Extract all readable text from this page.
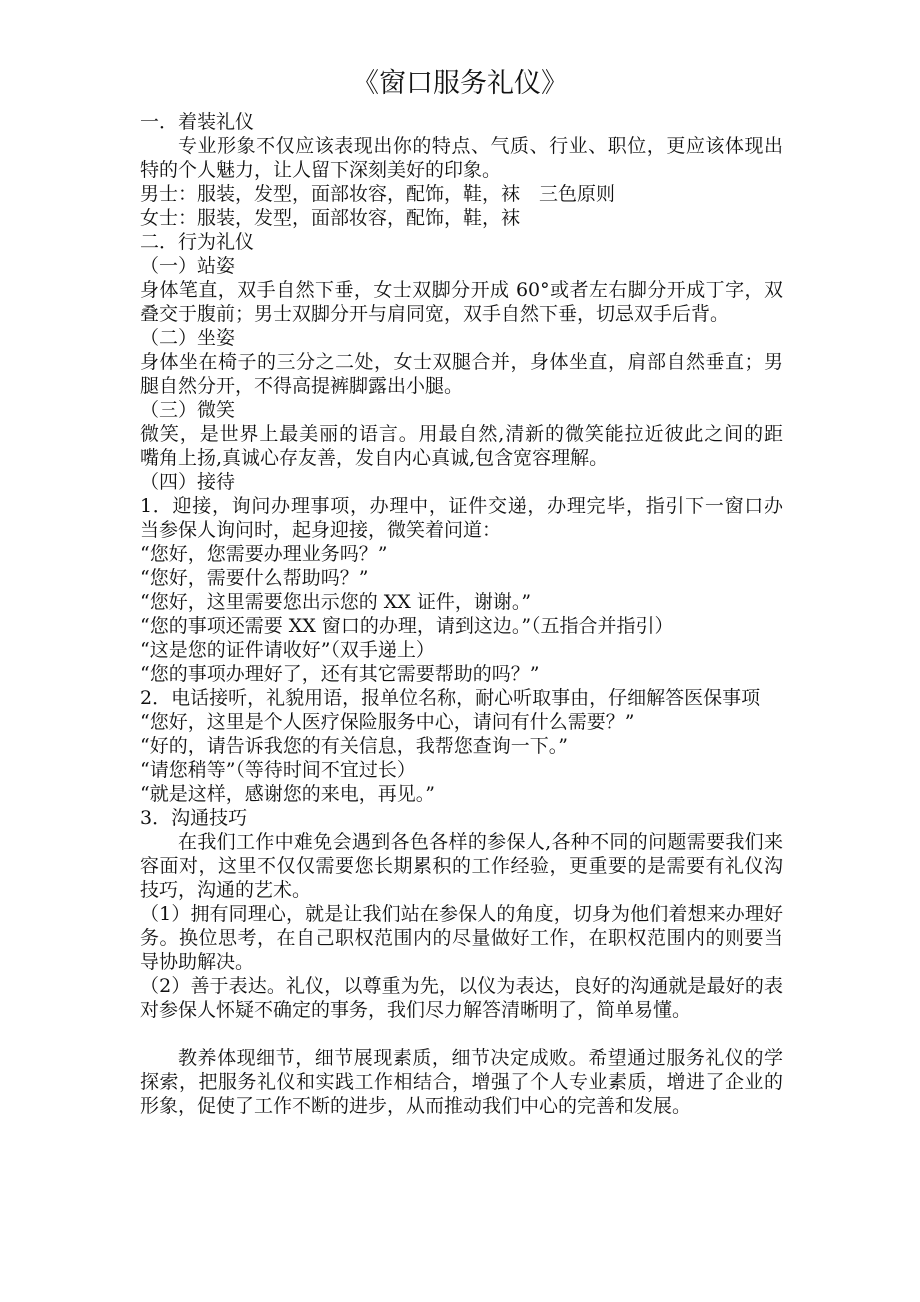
《窗口服务礼仪》
一．着装礼仪
专业形象不仅应该表现出你的特点、气质、行业、职位，更应该体现出
特的个人魅力，让人留下深刻美好的印象。
男士：服装，发型，面部妆容，配饰，鞋，袜　三色原则
女士：服装，发型，面部妆容，配饰，鞋，袜
二．行为礼仪
（一）站姿
身体笔直，双手自然下垂，女士双脚分开成 60°或者左右脚分开成丁字，双
叠交于腹前；男士双脚分开与肩同宽，双手自然下垂，切忌双手后背。
（二）坐姿
身体坐在椅子的三分之二处，女士双腿合并，身体坐直，肩部自然垂直；男
腿自然分开，不得高提裤脚露出小腿。
（三）微笑
微笑，是世界上最美丽的语言。用最自然,清新的微笑能拉近彼此之间的距
嘴角上扬,真诚心存友善，发自内心真诚,包含宽容理解。
（四）接待
1．迎接，询问办理事项，办理中，证件交递，办理完毕，指引下一窗口办
当参保人询问时，起身迎接，微笑着问道：
“您好，您需要办理业务吗？”
“您好，需要什么帮助吗？”
“您好，这里需要您出示您的 XX 证件，谢谢。”
“您的事项还需要 XX 窗口的办理，请到这边。”（五指合并指引）
“这是您的证件请收好”（双手递上）
“您的事项办理好了，还有其它需要帮助的吗？”
2．电话接听，礼貌用语，报单位名称，耐心听取事由，仔细解答医保事项
“您好，这里是个人医疗保险服务中心，请问有什么需要？”
“好的，请告诉我您的有关信息，我帮您查询一下。”
“请您稍等”（等待时间不宜过长）
“就是这样，感谢您的来电，再见。”
3．沟通技巧
在我们工作中难免会遇到各色各样的参保人,各种不同的问题需要我们来
容面对，这里不仅仅需要您长期累积的工作经验，更重要的是需要有礼仪沟
技巧，沟通的艺术。
（1）拥有同理心，就是让我们站在参保人的角度，切身为他们着想来办理好
务。换位思考，在自己职权范围内的尽量做好工作，在职权范围内的则要当
导协助解决。
（2）善于表达。礼仪，以尊重为先，以仪为表达，良好的沟通就是最好的表
对参保人怀疑不确定的事务，我们尽力解答清晰明了，简单易懂。
教养体现细节，细节展现素质，细节决定成败。希望通过服务礼仪的学
探索，把服务礼仪和实践工作相结合，增强了个人专业素质，增进了企业的
形象，促使了工作不断的进步，从而推动我们中心的完善和发展。
